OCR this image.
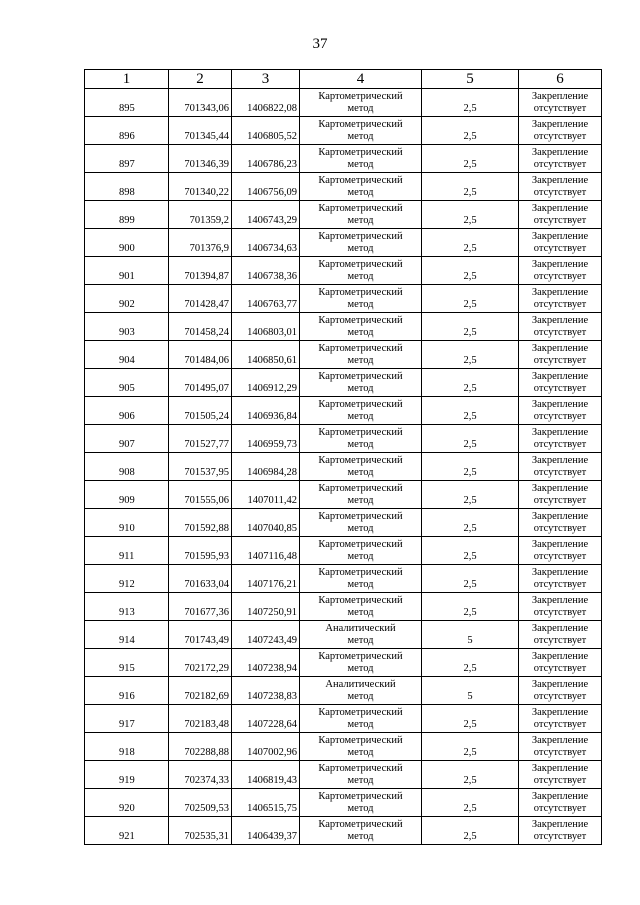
37
1	2	3	4	5	6
895	701343,06	1406822,08	Картометрический
метод	2,5	Закрепление
отсутствует

896	701345,44	1406805,52	Картометрический
метод	2,5	Закрепление
отсутствует

897	701346,39	1406786,23	Картометрический
метод	2,5	Закрепление
отсутствует

898	701340,22	1406756,09	Картометрический
метод	2,5	Закрепление
отсутствует

899	701359,2	1406743,29	Картометрический
метод	2,5	Закрепление
отсутствует

900	701376,9	1406734,63	Картометрический
метод	2,5	Закрепление
отсутствует

901	701394,87	1406738,36	Картометрический
метод	2,5	Закрепление
отсутствует

902	701428,47	1406763,77	Картометрический
метод	2,5	Закрепление
отсутствует

903	701458,24	1406803,01	Картометрический
метод	2,5	Закрепление
отсутствует

904	701484,06	1406850,61	Картометрический
метод	2,5	Закрепление
отсутствует

905	701495,07	1406912,29	Картометрический
метод	2,5	Закрепление
отсутствует

906	701505,24	1406936,84	Картометрический
метод	2,5	Закрепление
отсутствует

907	701527,77	1406959,73	Картометрический
метод	2,5	Закрепление
отсутствует

908	701537,95	1406984,28	Картометрический
метод	2,5	Закрепление
отсутствует

909	701555,06	1407011,42	Картометрический
метод	2,5	Закрепление
отсутствует

910	701592,88	1407040,85	Картометрический
метод	2,5	Закрепление
отсутствует

911	701595,93	1407116,48	Картометрический
метод	2,5	Закрепление
отсутствует

912	701633,04	1407176,21	Картометрический
метод	2,5	Закрепление
отсутствует

913	701677,36	1407250,91	Картометрический
метод	2,5	Закрепление
отсутствует

914	701743,49	1407243,49	Аналитический
метод	5	Закрепление
отсутствует

915	702172,29	1407238,94	Картометрический
метод	2,5	Закрепление
отсутствует

916	702182,69	1407238,83	Аналитический
метод	5	Закрепление
отсутствует

917	702183,48	1407228,64	Картометрический
метод	2,5	Закрепление
отсутствует

918	702288,88	1407002,96	Картометрический
метод	2,5	Закрепление
отсутствует

919	702374,33	1406819,43	Картометрический
метод	2,5	Закрепление
отсутствует

920	702509,53	1406515,75	Картометрический
метод	2,5	Закрепление
отсутствует

921	702535,31	1406439,37	Картометрический
метод	2,5	Закрепление
отсутствует
